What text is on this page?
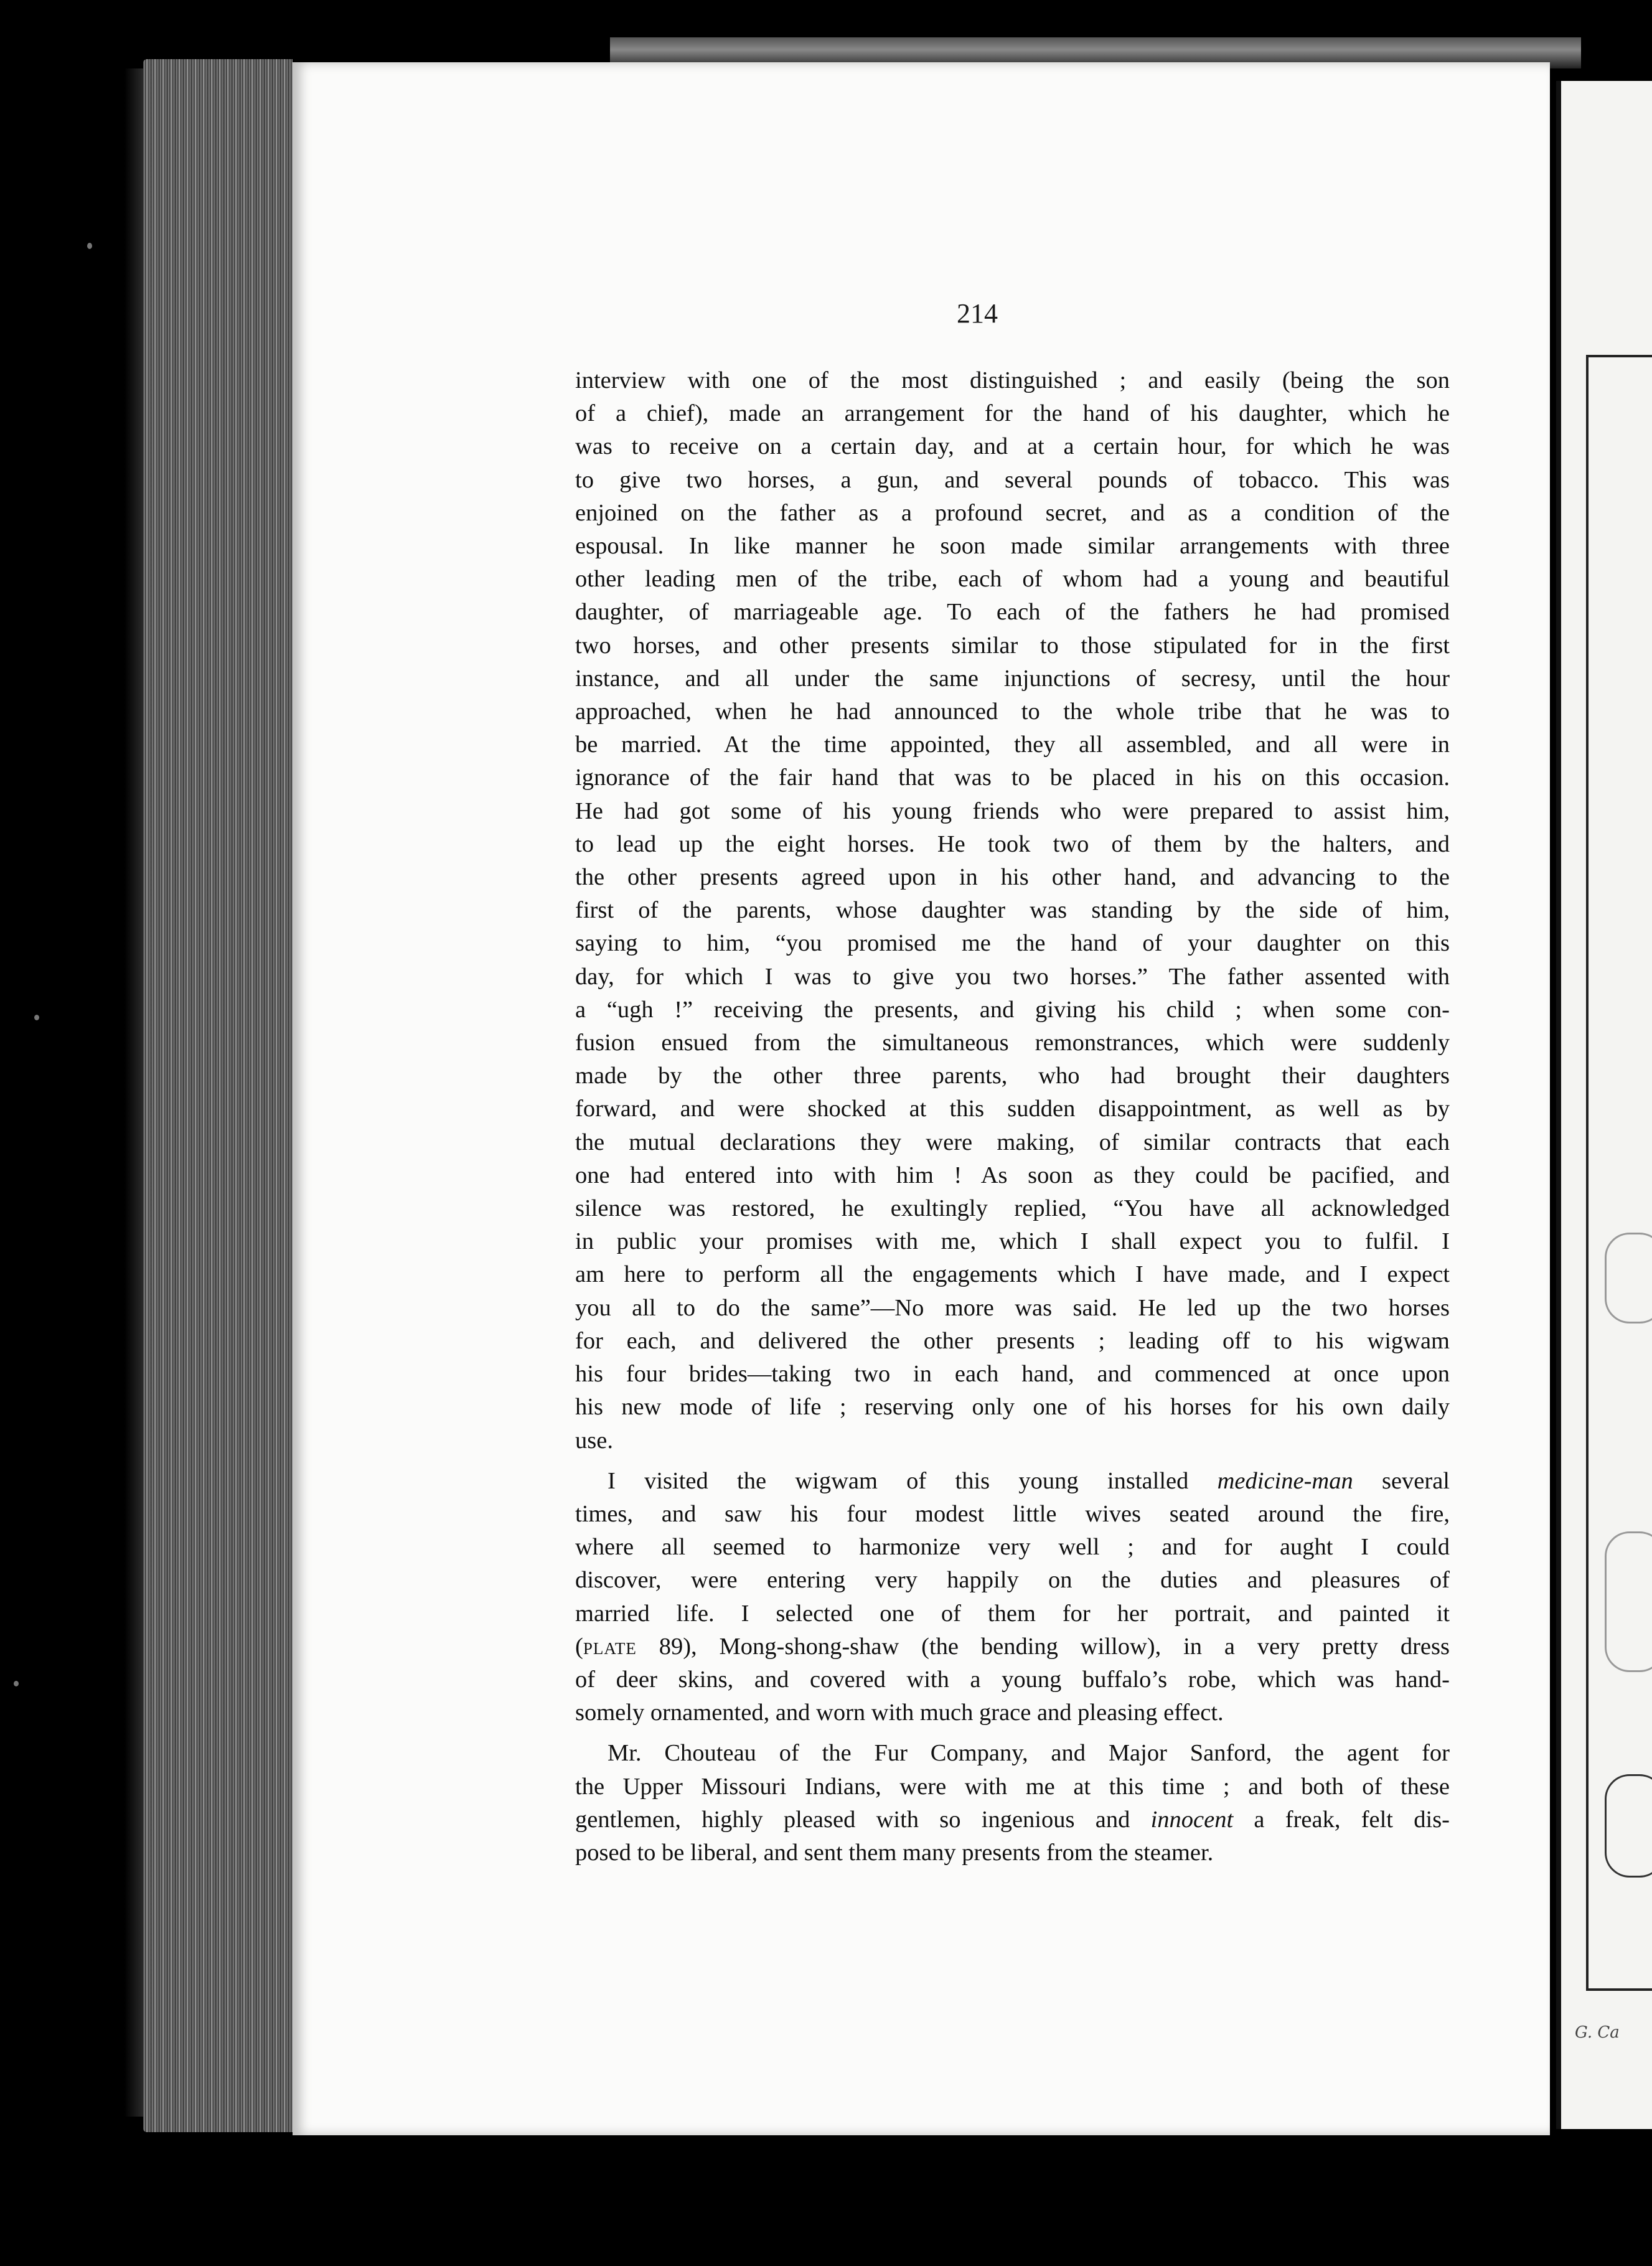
G. Ca
214

interview with one of the most distinguished ; and easily (being the son
of a chief), made an arrangement for the hand of his daughter, which he
was to receive on a certain day, and at a certain hour, for which he was
to give two horses, a gun, and several pounds of tobacco. This was
enjoined on the father as a profound secret, and as a condition of the
espousal. In like manner he soon made similar arrangements with three
other leading men of the tribe, each of whom had a young and beautiful
daughter, of marriageable age. To each of the fathers he had promised
two horses, and other presents similar to those stipulated for in the first
instance, and all under the same injunctions of secresy, until the hour
approached, when he had announced to the whole tribe that he was to
be married. At the time appointed, they all assembled, and all were in
ignorance of the fair hand that was to be placed in his on this occasion.
He had got some of his young friends who were prepared to assist him,
to lead up the eight horses. He took two of them by the halters, and
the other presents agreed upon in his other hand, and advancing to the
first of the parents, whose daughter was standing by the side of him,
saying to him, “you promised me the hand of your daughter on this
day, for which I was to give you two horses.” The father assented with
a “ugh !” receiving the presents, and giving his child ; when some con-
fusion ensued from the simultaneous remonstrances, which were suddenly
made by the other three parents, who had brought their daughters
forward, and were shocked at this sudden disappointment, as well as by
the mutual declarations they were making, of similar contracts that each
one had entered into with him ! As soon as they could be pacified, and
silence was restored, he exultingly replied, “You have all acknowledged
in public your promises with me, which I shall expect you to fulfil. I
am here to perform all the engagements which I have made, and I expect
you all to do the same”—No more was said. He led up the two horses
for each, and delivered the other presents ; leading off to his wigwam
his four brides—taking two in each hand, and commenced at once upon
his new mode of life ; reserving only one of his horses for his own daily
use.

I visited the wigwam of this young installed medicine-man several
times, and saw his four modest little wives seated around the fire,
where all seemed to harmonize very well ; and for aught I could
discover, were entering very happily on the duties and pleasures of
married life. I selected one of them for her portrait, and painted it
(plate 89), Mong-shong-shaw (the bending willow), in a very pretty dress
of deer skins, and covered with a young buffalo’s robe, which was hand-
somely ornamented, and worn with much grace and pleasing effect.

Mr. Chouteau of the Fur Company, and Major Sanford, the agent for
the Upper Missouri Indians, were with me at this time ; and both of these
gentlemen, highly pleased with so ingenious and innocent a freak, felt dis-
posed to be liberal, and sent them many presents from the steamer.
